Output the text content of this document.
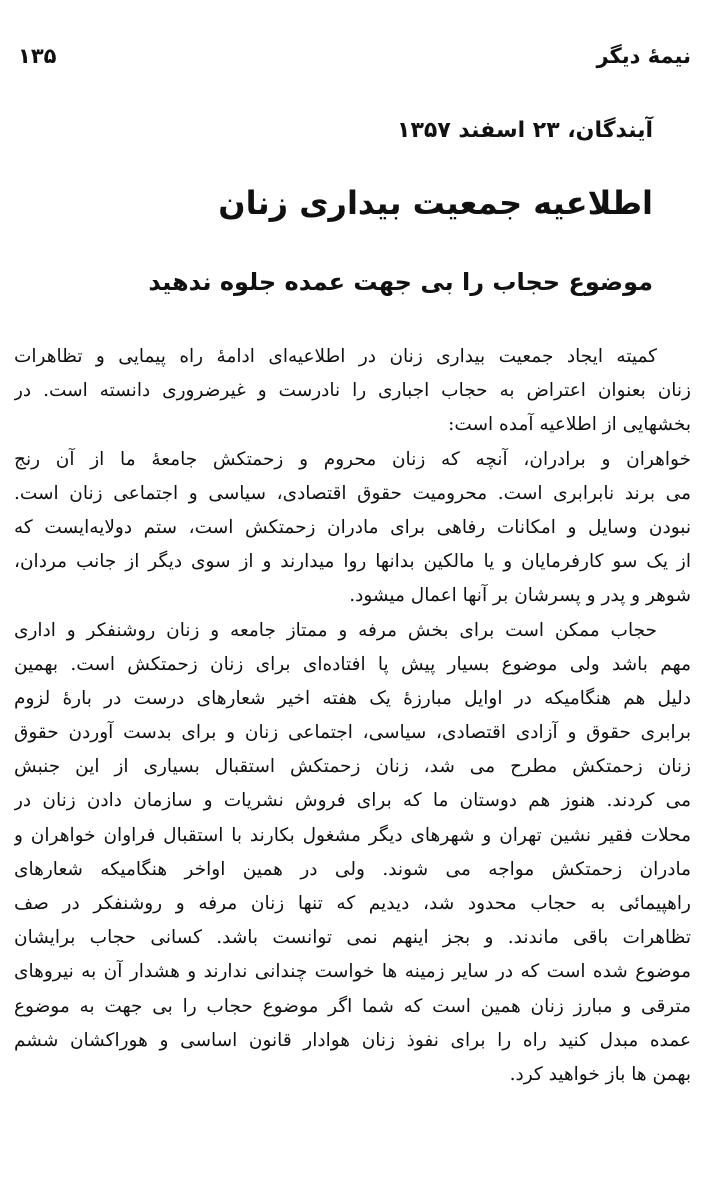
نیمهٔ دیگر
۱۳۵
آیندگان، ۲۳ اسفند ۱۳۵۷
اطلاعیه جمعیت بیداری زنان
موضوع حجاب را بی جهت عمده جلوه ندهید
کمیته ایجاد جمعیت بیداری زنان در اطلاعیه‌ای ادامهٔ راه پیمایی و تظاهرات
زنان بعنوان اعتراض به حجاب اجباری را نادرست و غیرضروری دانسته است. در
بخشهایی از اطلاعیه آمده است:
خواهران و برادران، آنچه که زنان محروم و زحمتکش جامعهٔ ما از آن رنج
می برند نابرابری است. محرومیت حقوق اقتصادی، سیاسی و اجتماعی زنان است.
نبودن وسایل و امکانات رفاهی برای مادران زحمتکش است، ستم دولایه‌ایست که
از یک سو کارفرمایان و یا مالکین بدانها روا میدارند و از سوی دیگر از جانب مردان،
شوهر و پدر و پسرشان بر آنها اعمال میشود.
حجاب ممکن است برای بخش مرفه و ممتاز جامعه و زنان روشنفکر و اداری
مهم باشد ولی موضوع بسیار پیش پا افتاده‌ای برای زنان زحمتکش است. بهمین
دلیل هم هنگامیکه در اوایل مبارزهٔ یک هفته اخیر شعارهای درست در بارهٔ لزوم
برابری حقوق و آزادی اقتصادی، سیاسی، اجتماعی زنان و برای بدست آوردن حقوق
زنان زحمتکش مطرح می شد، زنان زحمتکش استقبال بسیاری از این جنبش
می کردند. هنوز هم دوستان ما که برای فروش نشریات و سازمان دادن زنان در
محلات فقیر نشین تهران و شهرهای دیگر مشغول بکارند با استقبال فراوان خواهران و
مادران زحمتکش مواجه می شوند. ولی در همین اواخر هنگامیکه شعارهای
راهپیمائی به حجاب محدود شد، دیدیم که تنها زنان مرفه و روشنفکر در صف
تظاهرات باقی ماندند. و بجز اینهم نمی توانست باشد. کسانی حجاب برایشان
موضوع شده است که در سایر زمینه ها خواست چندانی ندارند و هشدار آن به نیروهای
مترقی و مبارز زنان همین است که شما اگر موضوع حجاب را بی جهت به موضوع
عمده مبدل کنید راه را برای نفوذ زنان هوادار قانون اساسی و هوراکشان ششم
بهمن ها باز خواهید کرد.
